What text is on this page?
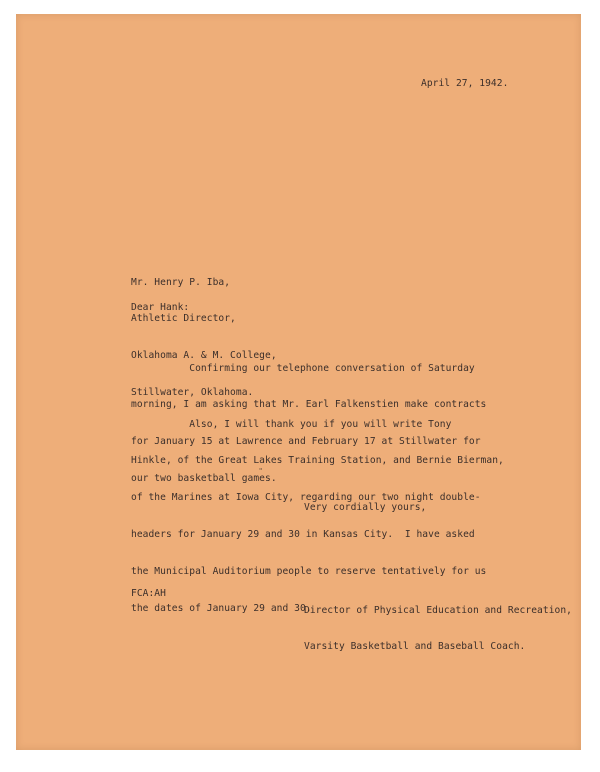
April 27, 1942.

Mr. Henry P. Iba,

Athletic Director,

Oklahoma A. & M. College,

Stillwater, Oklahoma.

Dear Hank:

Confirming our telephone conversation of Saturday

morning, I am asking that Mr. Earl Falkenstien make contracts

for January 15 at Lawrence and February 17 at Stillwater for

our two basketball games.

Also, I will thank you if you will write Tony

Hinkle, of the Great Lakes Training Station, and Bernie Bierman,

of the Marines at Iowa City, regarding our two night double-

headers for January 29 and 30 in Kansas City.  I have asked

the Municipal Auditorium people to reserve tentatively for us

the dates of January 29 and 30.

"
Very cordially yours,
FCA:AH

Director of Physical Education and Recreation,

Varsity Basketball and Baseball Coach.
